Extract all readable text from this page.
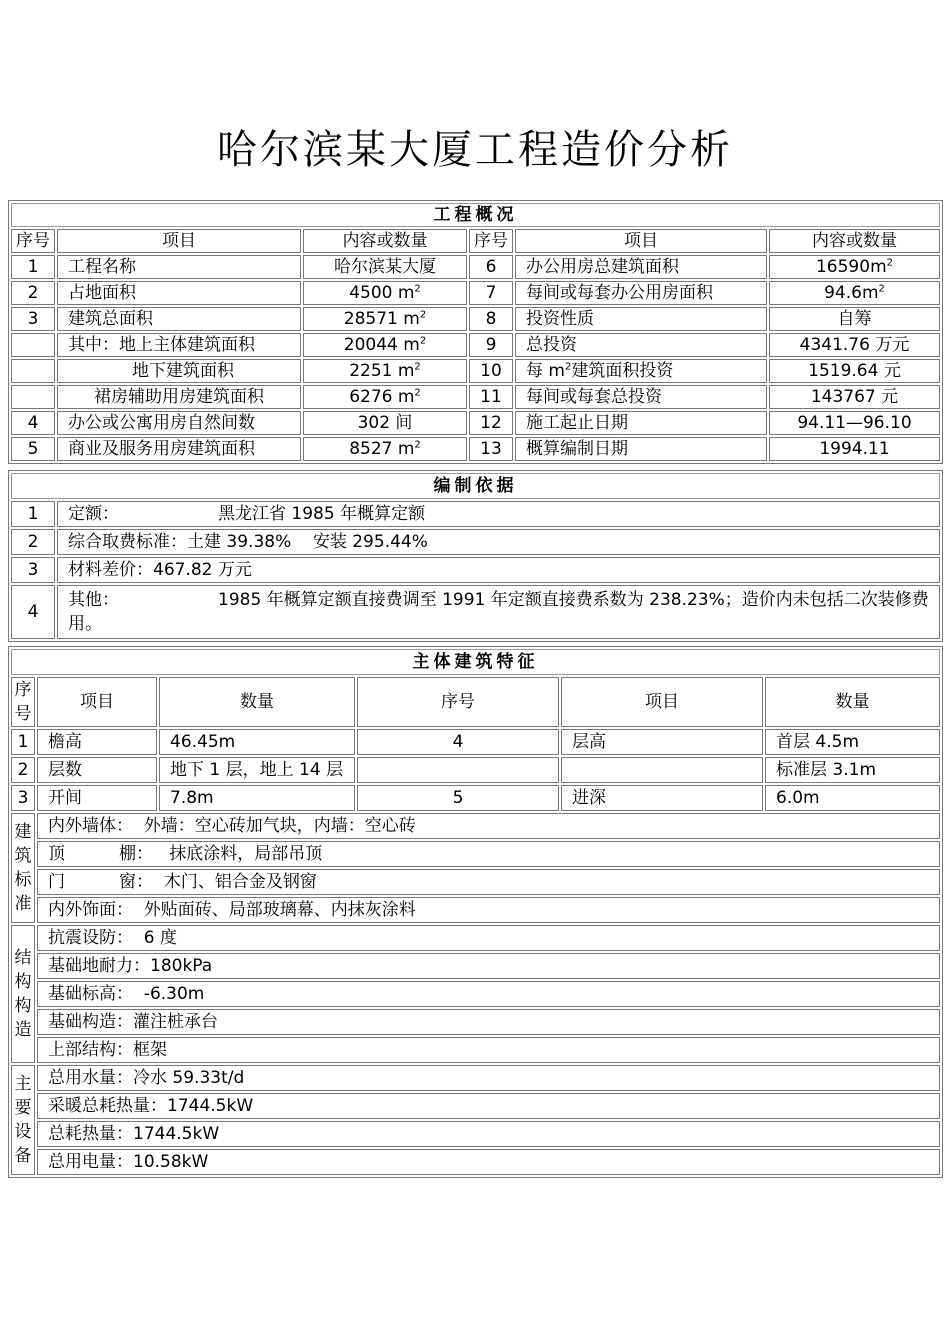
哈尔滨某大厦工程造价分析
工程概况					
序号	项目	内容或数量	序号	项目	内容或数量
1	工程名称	哈尔滨某大厦	6	办公用房总建筑面积	$16590m^2$
2	占地面积	4500 $m^2$	7	每间或每套办公用房面积	$94.6m^2$
3	建筑总面积	28571 $m^2$	8	投资性质	自筹
	其中：地上主体建筑面积	20044 $m^2$	9	总投资	4341.76 万元
	地下建筑面积	2251 $m^2$	10	每 $m^2$建筑面积投资	1519.64 元
	裙房辅助用房建筑面积	6276 $m^2$	11	每间或每套总投资	143767 元
4	办公或公寓用房自然间数	302 间	12	施工起止日期	94.11—96.10
5	商业及服务用房建筑面积	8527 $m^2$	13	概算编制日期	1994.11
编制依据	
1	定额： 黑龙江省 1985 年概算定额
2	综合取费标准：土建 39.38%    安装 295.44%
3	材料差价：467.82 万元
4	其他： 1985 年概算定额直接费调至 1991 年定额直接费系数为 238.23%；造价内未包括二次装修费用。
主体建筑特征					
序号	项目	数量	序号	项目	数量
1	檐高	46.45m	4	层高	首层 4.5m
2	层数	地下 1 层，地上 14 层			标准层 3.1m
3	开间	7.8m	5	进深	6.0m
建筑标准	内外墙体：  外墙：空心砖加气块，内墙：空心砖				
	顶          棚：   抹底涂料，局部吊顶				
	门          窗：  木门、铝合金及钢窗				
	内外饰面：  外贴面砖、局部玻璃幕、内抹灰涂料				
结构构造	抗震设防：  6 度				
	基础地耐力：180kPa				
	基础标高：  -6.30m				
	基础构造：灌注桩承台				
	上部结构：框架				
主要设备	总用水量：冷水 59.33t/d				
	采暖总耗热量：1744.5kW				
	总耗热量：1744.5kW				
	总用电量：10.58kW				
